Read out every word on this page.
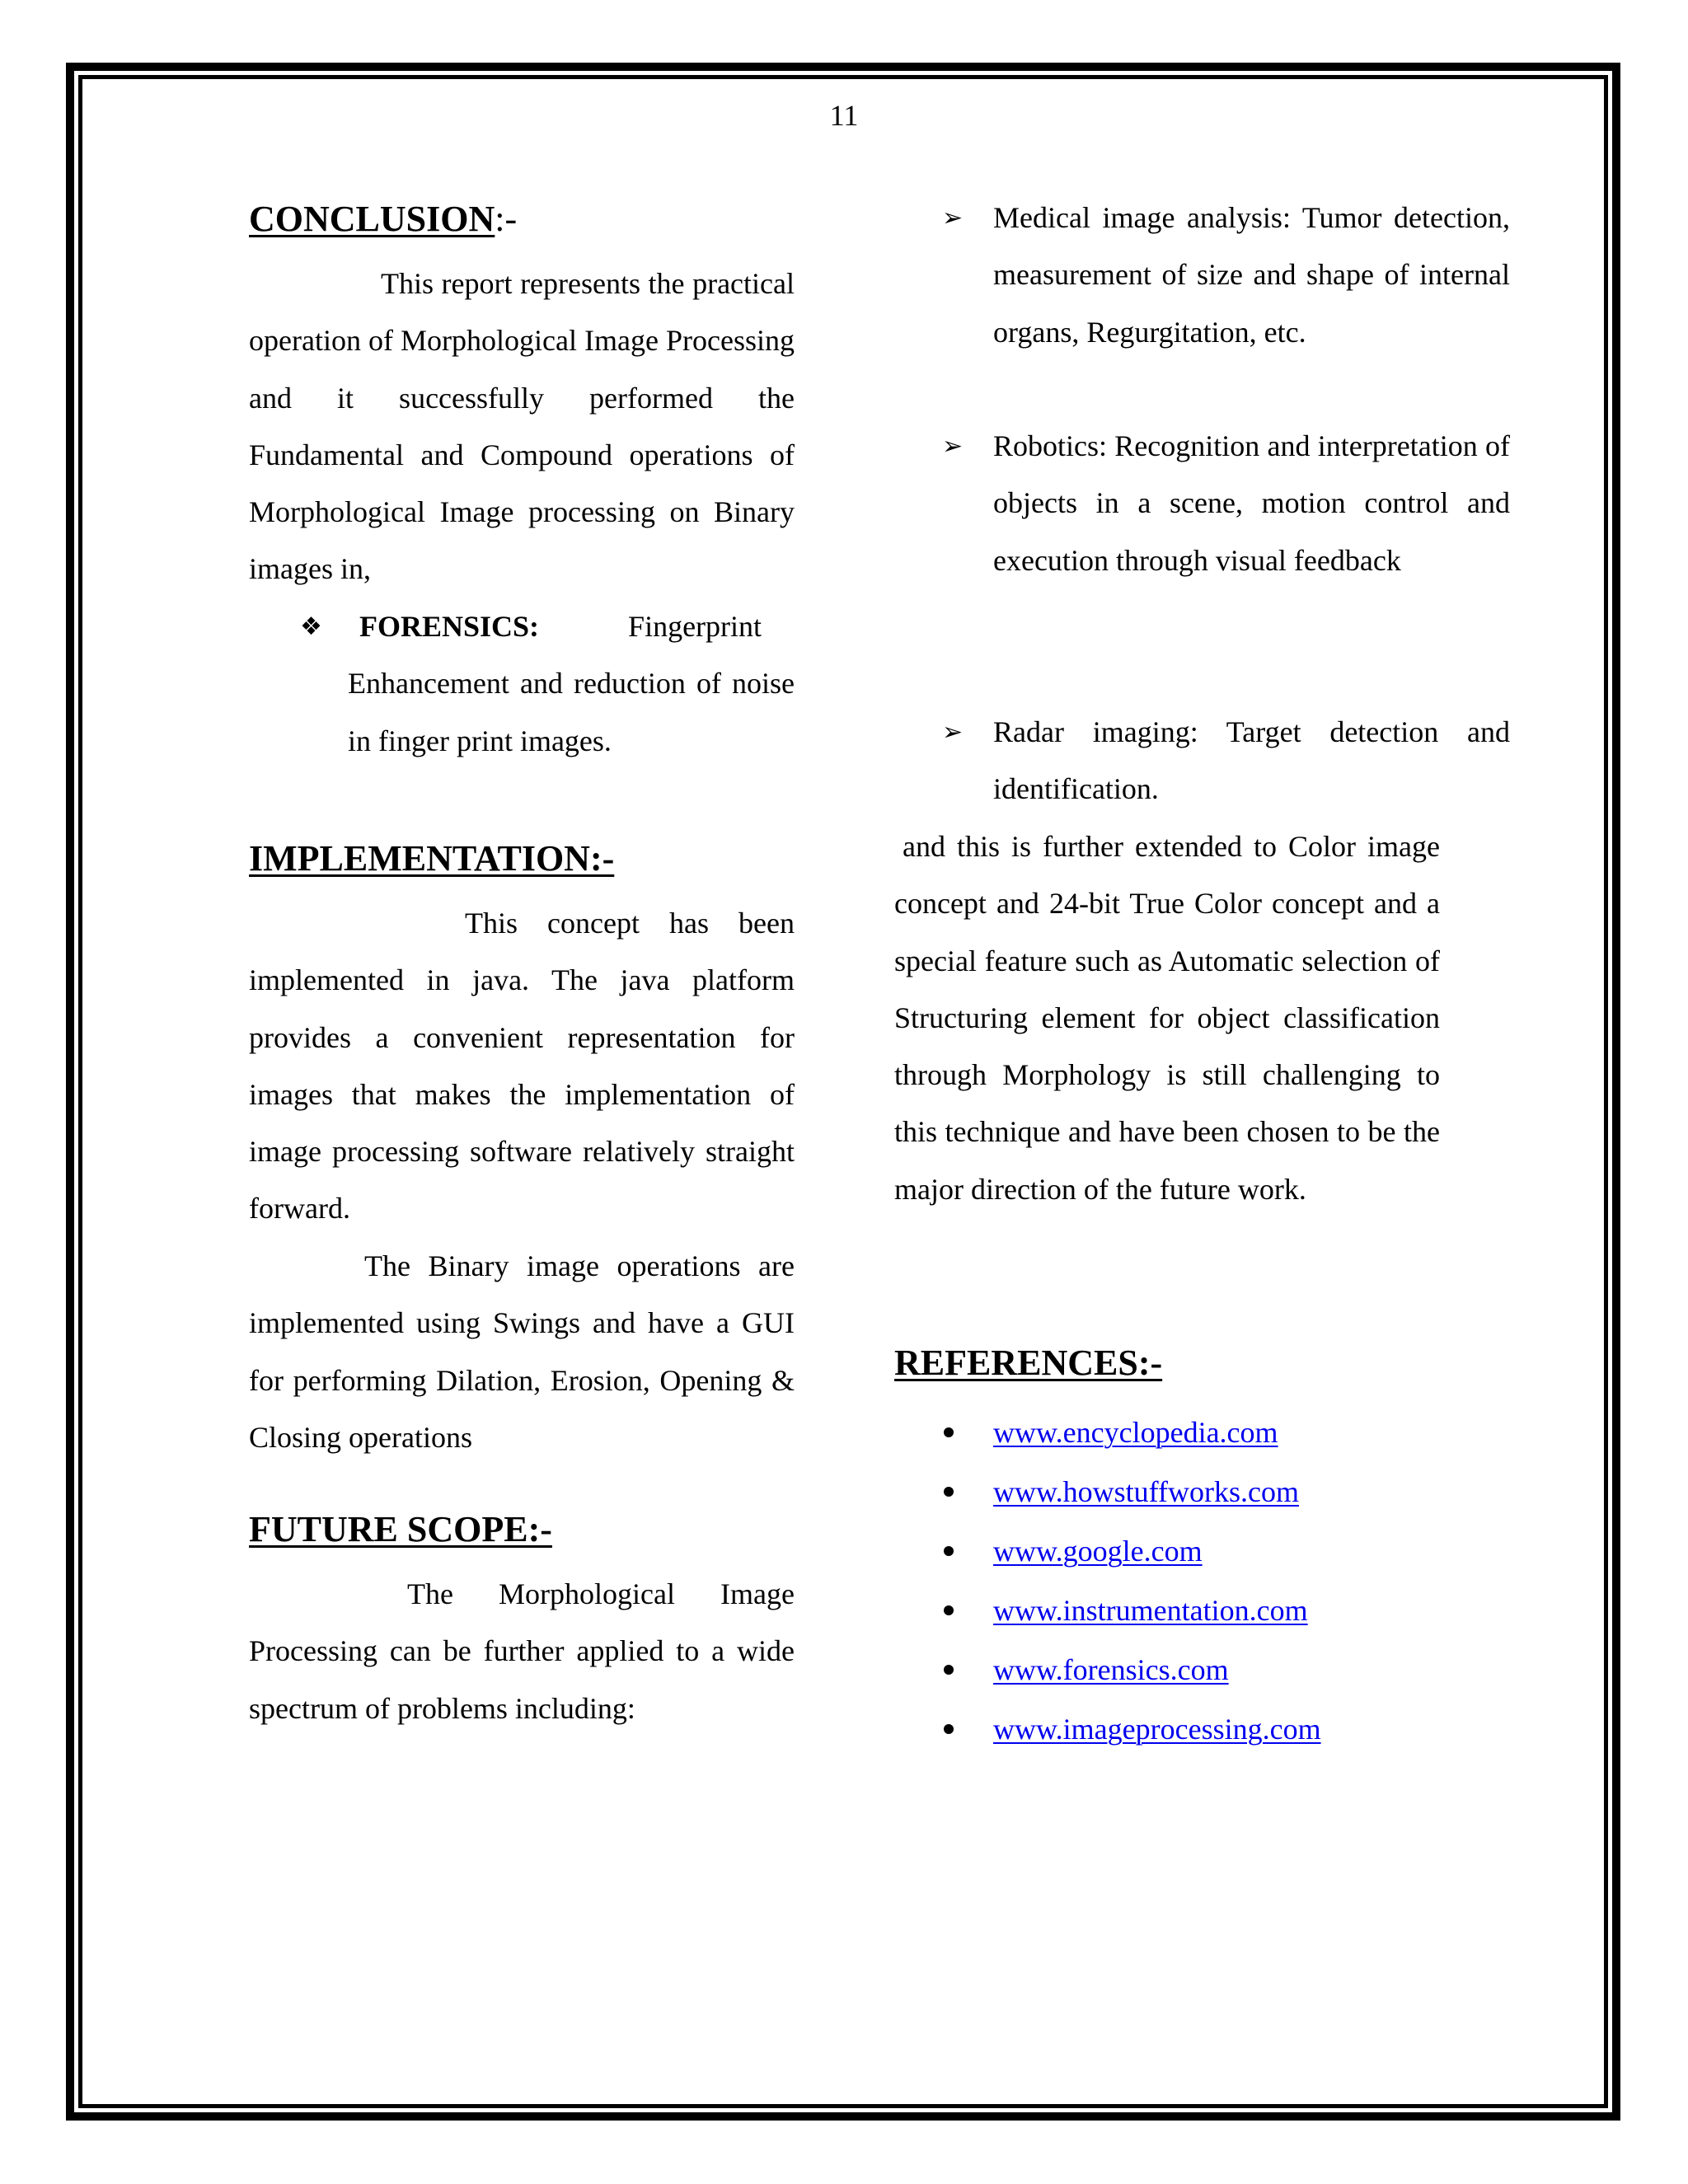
11
CONCLUSION:-

This report represents the practical operation of Morphological Image Processing and it successfully performed the Fundamental and Compound operations of Morphological Image processing on Binary images in,

❖	FORENSICS:	Fingerprint Enhancement and reduction of noise in finger print images.
IMPLEMENTATION:-

This concept has been implemented in java. The java platform provides a convenient representation for images that makes the implementation of image processing software relatively straight forward.

The Binary image operations are implemented using Swings and have a GUI for performing Dilation, Erosion, Opening & Closing operations

FUTURE SCOPE:-

The Morphological Image Processing can be further applied to a wide spectrum of problems including:

➢ Medical image analysis: Tumor detection, measurement of size and shape of internal organs, Regurgitation, etc.
➢ Robotics: Recognition and interpretation of objects in a scene, motion control and execution through visual feedback
➢ Radar imaging: Target detection and identification.

and this is further extended to Color image concept and 24-bit True Color concept and a special feature such as Automatic selection of Structuring element for object classification through Morphology is still challenging to this technique and have been chosen to be the major direction of the future work.

REFERENCES:-
www.encyclopedia.com
www.howstuffworks.com
www.google.com
www.instrumentation.com
www.forensics.com
www.imageprocessing.com
